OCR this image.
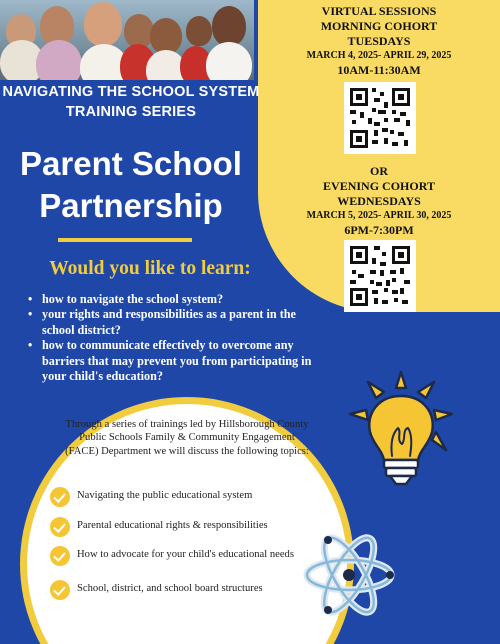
VIRTUAL SESSIONS
MORNING COHORT
TUESDAYS
MARCH 4, 2025- APRIL 29, 2025
10AM-11:30AM
OR
EVENING COHORT
WEDNESDAYS
MARCH 5, 2025- APRIL 30, 2025
6PM-7:30PM
NAVIGATING THE SCHOOL SYSTEM
TRAINING SERIES
Parent School
Partnership
Would you like to learn:
• how to navigate the school system?
• your rights and responsibilities as a parent in the school district?
• how to communicate effectively to overcome any barriers that may prevent you from participating in your child's education?
Through a series of trainings led by Hillsborough County Public Schools Family & Community Engagement (FACE) Department we will discuss the following topics:
Navigating the public educational system
Parental educational rights & responsibilities
How to advocate for your child's educational needs
School, district, and school board structures
